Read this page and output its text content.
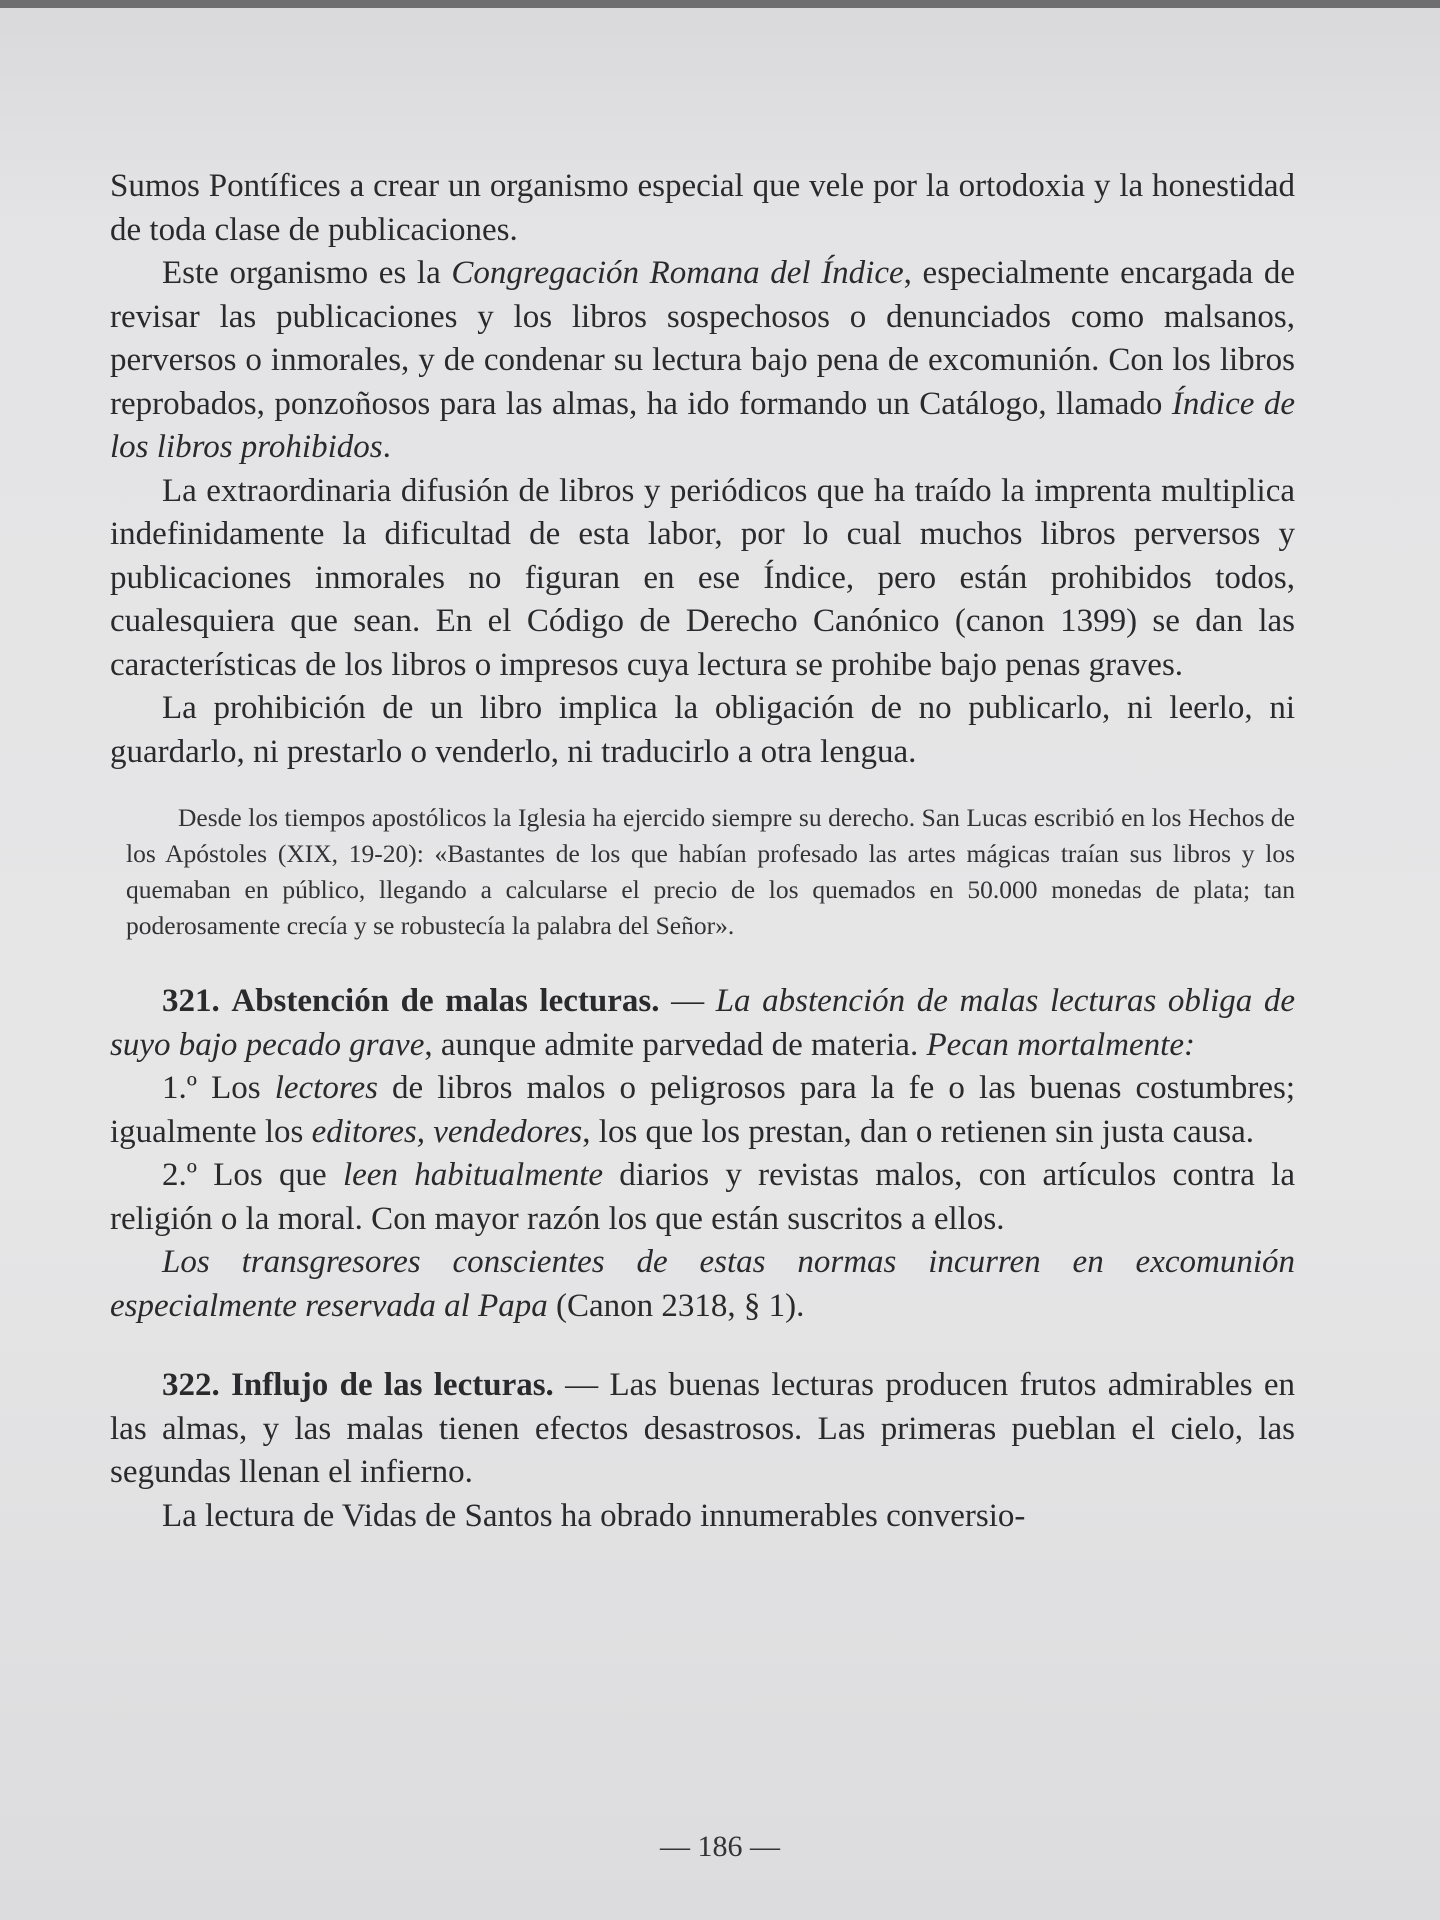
Sumos Pontífices a crear un organismo especial que vele por la ortodoxia y la honestidad de toda clase de publicaciones.

Este organismo es la Congregación Romana del Índice, especialmente encargada de revisar las publicaciones y los libros sospechosos o denunciados como malsanos, perversos o inmorales, y de condenar su lectura bajo pena de excomunión. Con los libros reprobados, ponzoñosos para las almas, ha ido formando un Catálogo, llamado Índice de los libros prohibidos.

La extraordinaria difusión de libros y periódicos que ha traído la imprenta multiplica indefinidamente la dificultad de esta labor, por lo cual muchos libros perversos y publicaciones inmorales no figuran en ese Índice, pero están prohibidos todos, cualesquiera que sean. En el Código de Derecho Canónico (canon 1399) se dan las características de los libros o impresos cuya lectura se prohibe bajo penas graves.

La prohibición de un libro implica la obligación de no publicarlo, ni leerlo, ni guardarlo, ni prestarlo o venderlo, ni traducirlo a otra lengua.

Desde los tiempos apostólicos la Iglesia ha ejercido siempre su derecho. San Lucas escribió en los Hechos de los Apóstoles (XIX, 19-20): «Bastantes de los que habían profesado las artes mágicas traían sus libros y los quemaban en público, llegando a calcularse el precio de los quemados en 50.000 monedas de plata; tan poderosamente crecía y se robustecía la palabra del Señor».

321. Abstención de malas lecturas. — La abstención de malas lecturas obliga de suyo bajo pecado grave, aunque admite parvedad de materia. Pecan mortalmente:

1.º Los lectores de libros malos o peligrosos para la fe o las buenas costumbres; igualmente los editores, vendedores, los que los prestan, dan o retienen sin justa causa.

2.º Los que leen habitualmente diarios y revistas malos, con artículos contra la religión o la moral. Con mayor razón los que están suscritos a ellos.

Los transgresores conscientes de estas normas incurren en excomunión especialmente reservada al Papa (Canon 2318, § 1).

322. Influjo de las lecturas. — Las buenas lecturas producen frutos admirables en las almas, y las malas tienen efectos desastrosos. Las primeras pueblan el cielo, las segundas llenan el infierno.

La lectura de Vidas de Santos ha obrado innumerables conversio-

— 186 —
